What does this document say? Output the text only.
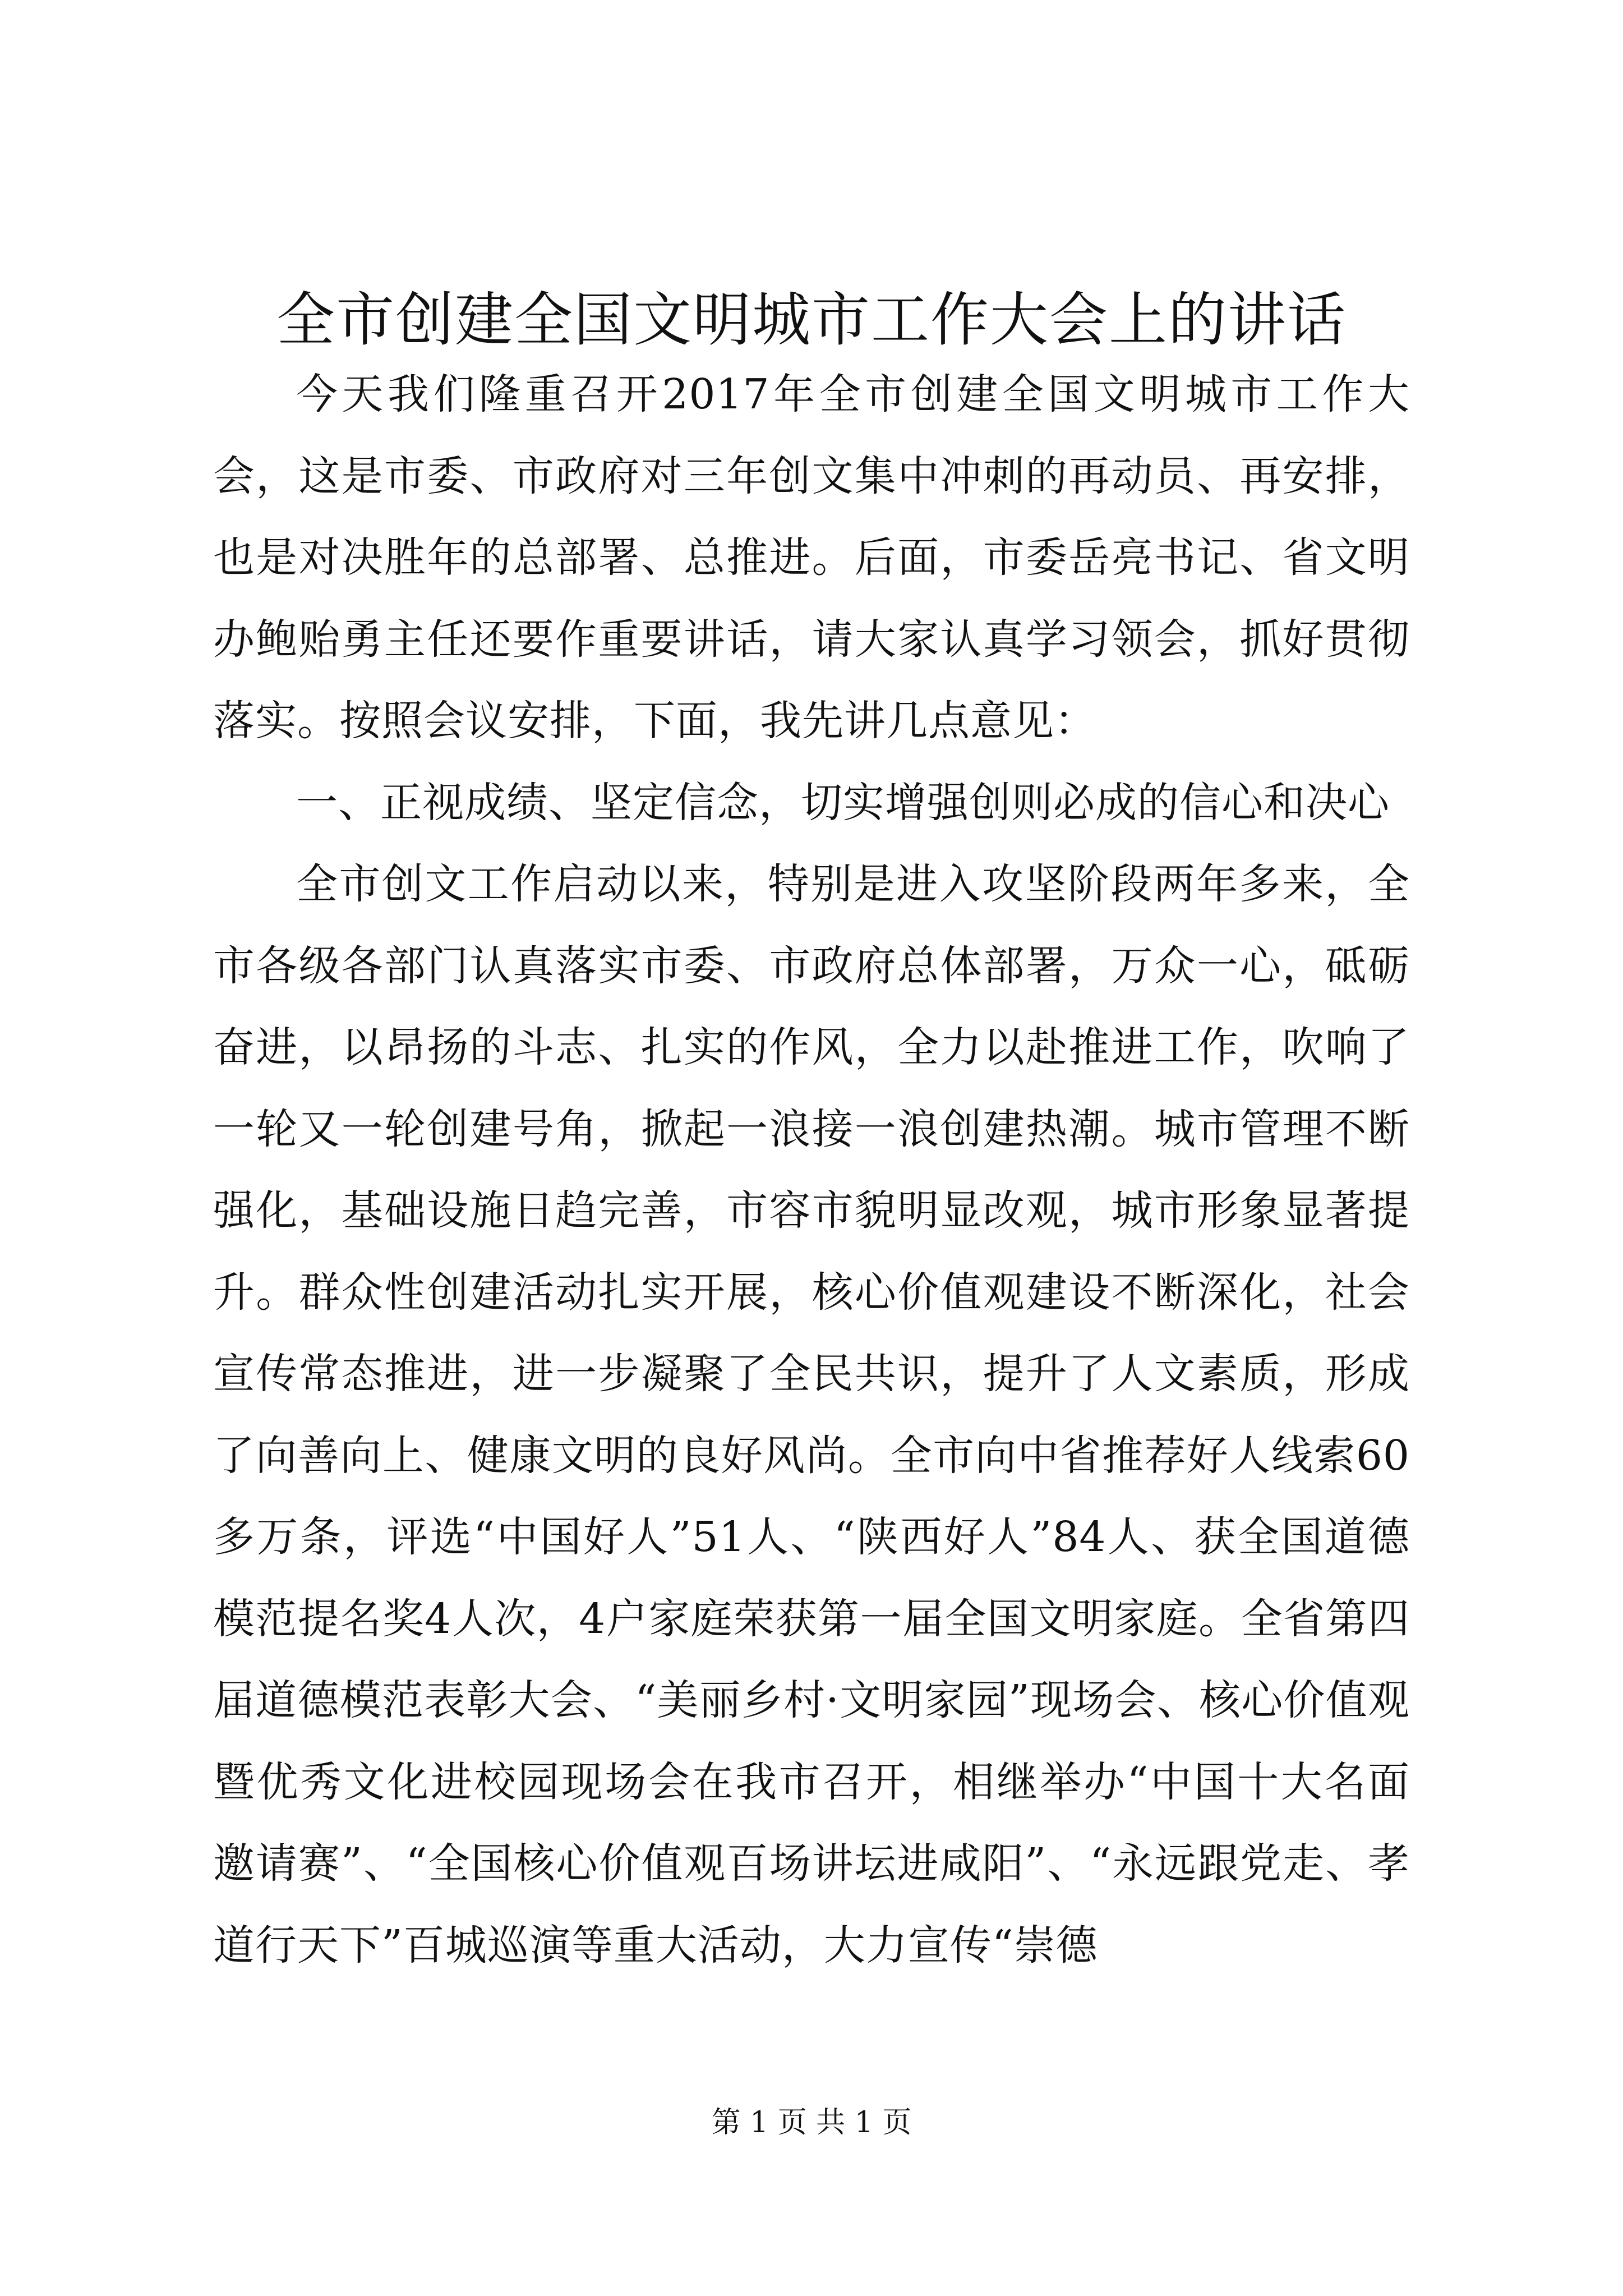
全市创建全国文明城市工作大会上的讲话

今天我们隆重召开2017年全市创建全国文明城市工作大会，这是市委、市政府对三年创文集中冲刺的再动员、再安排，也是对决胜年的总部署、总推进。后面，市委岳亮书记、省文明办鲍贻勇主任还要作重要讲话，请大家认真学习领会，抓好贯彻落实。按照会议安排，下面，我先讲几点意见：

一、正视成绩、坚定信念，切实增强创则必成的信心和决心

全市创文工作启动以来，特别是进入攻坚阶段两年多来，全市各级各部门认真落实市委、市政府总体部署，万众一心，砥砺奋进，以昂扬的斗志、扎实的作风，全力以赴推进工作，吹响了一轮又一轮创建号角，掀起一浪接一浪创建热潮。城市管理不断强化，基础设施日趋完善，市容市貌明显改观，城市形象显著提升。群众性创建活动扎实开展，核心价值观建设不断深化，社会宣传常态推进，进一步凝聚了全民共识，提升了人文素质，形成了向善向上、健康文明的良好风尚。全市向中省推荐好人线索60多万条，评选“中国好人”51人、“陕西好人”84人、获全国道德模范提名奖4人次，4户家庭荣获第一届全国文明家庭。全省第四届道德模范表彰大会、“美丽乡村·文明家园”现场会、核心价值观暨优秀文化进校园现场会在我市召开，相继举办“中国十大名面邀请赛”、“全国核心价值观百场讲坛进咸阳”、“永远跟党走、孝道行天下”百城巡演等重大活动，大力宣传“崇德

第 1 页 共 1 页
